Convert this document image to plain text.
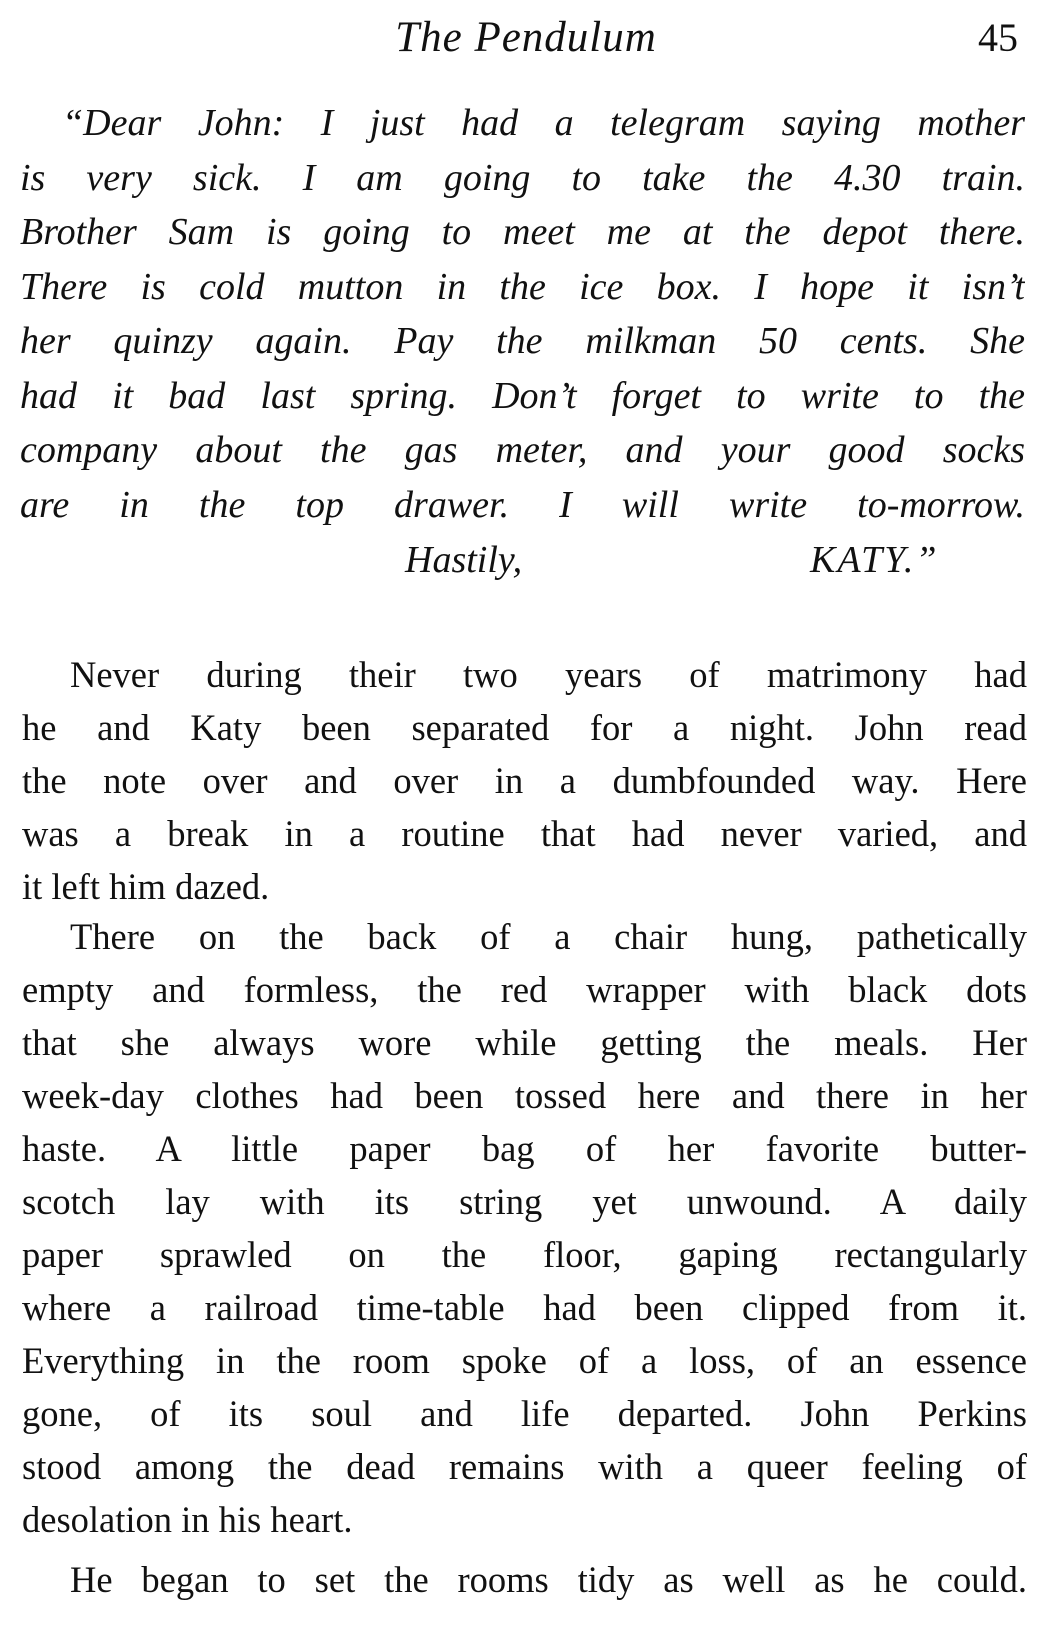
The Pendulum	45
“Dear John: I just had a telegram saying mother
is very sick. I am going to take the 4.30 train.
Brother Sam is going to meet me at the depot there.
There is cold mutton in the ice box. I hope it isn’t
her quinzy again. Pay the milkman 50 cents. She
had it bad last spring. Don’t forget to write to the
company about the gas meter, and your good socks
are in the top drawer. I will write to-morrow.
Hastily,	KATY.”
Never during their two years of matrimony had
he and Katy been separated for a night. John read
the note over and over in a dumbfounded way. Here
was a break in a routine that had never varied, and
it left him dazed.
There on the back of a chair hung, pathetically
empty and formless, the red wrapper with black dots
that she always wore while getting the meals. Her
week-day clothes had been tossed here and there in her
haste. A little paper bag of her favorite butter-
scotch lay with its string yet unwound. A daily
paper sprawled on the floor, gaping rectangularly
where a railroad time-table had been clipped from it.
Everything in the room spoke of a loss, of an essence
gone, of its soul and life departed. John Perkins
stood among the dead remains with a queer feeling of
desolation in his heart.
He began to set the rooms tidy as well as he could.
